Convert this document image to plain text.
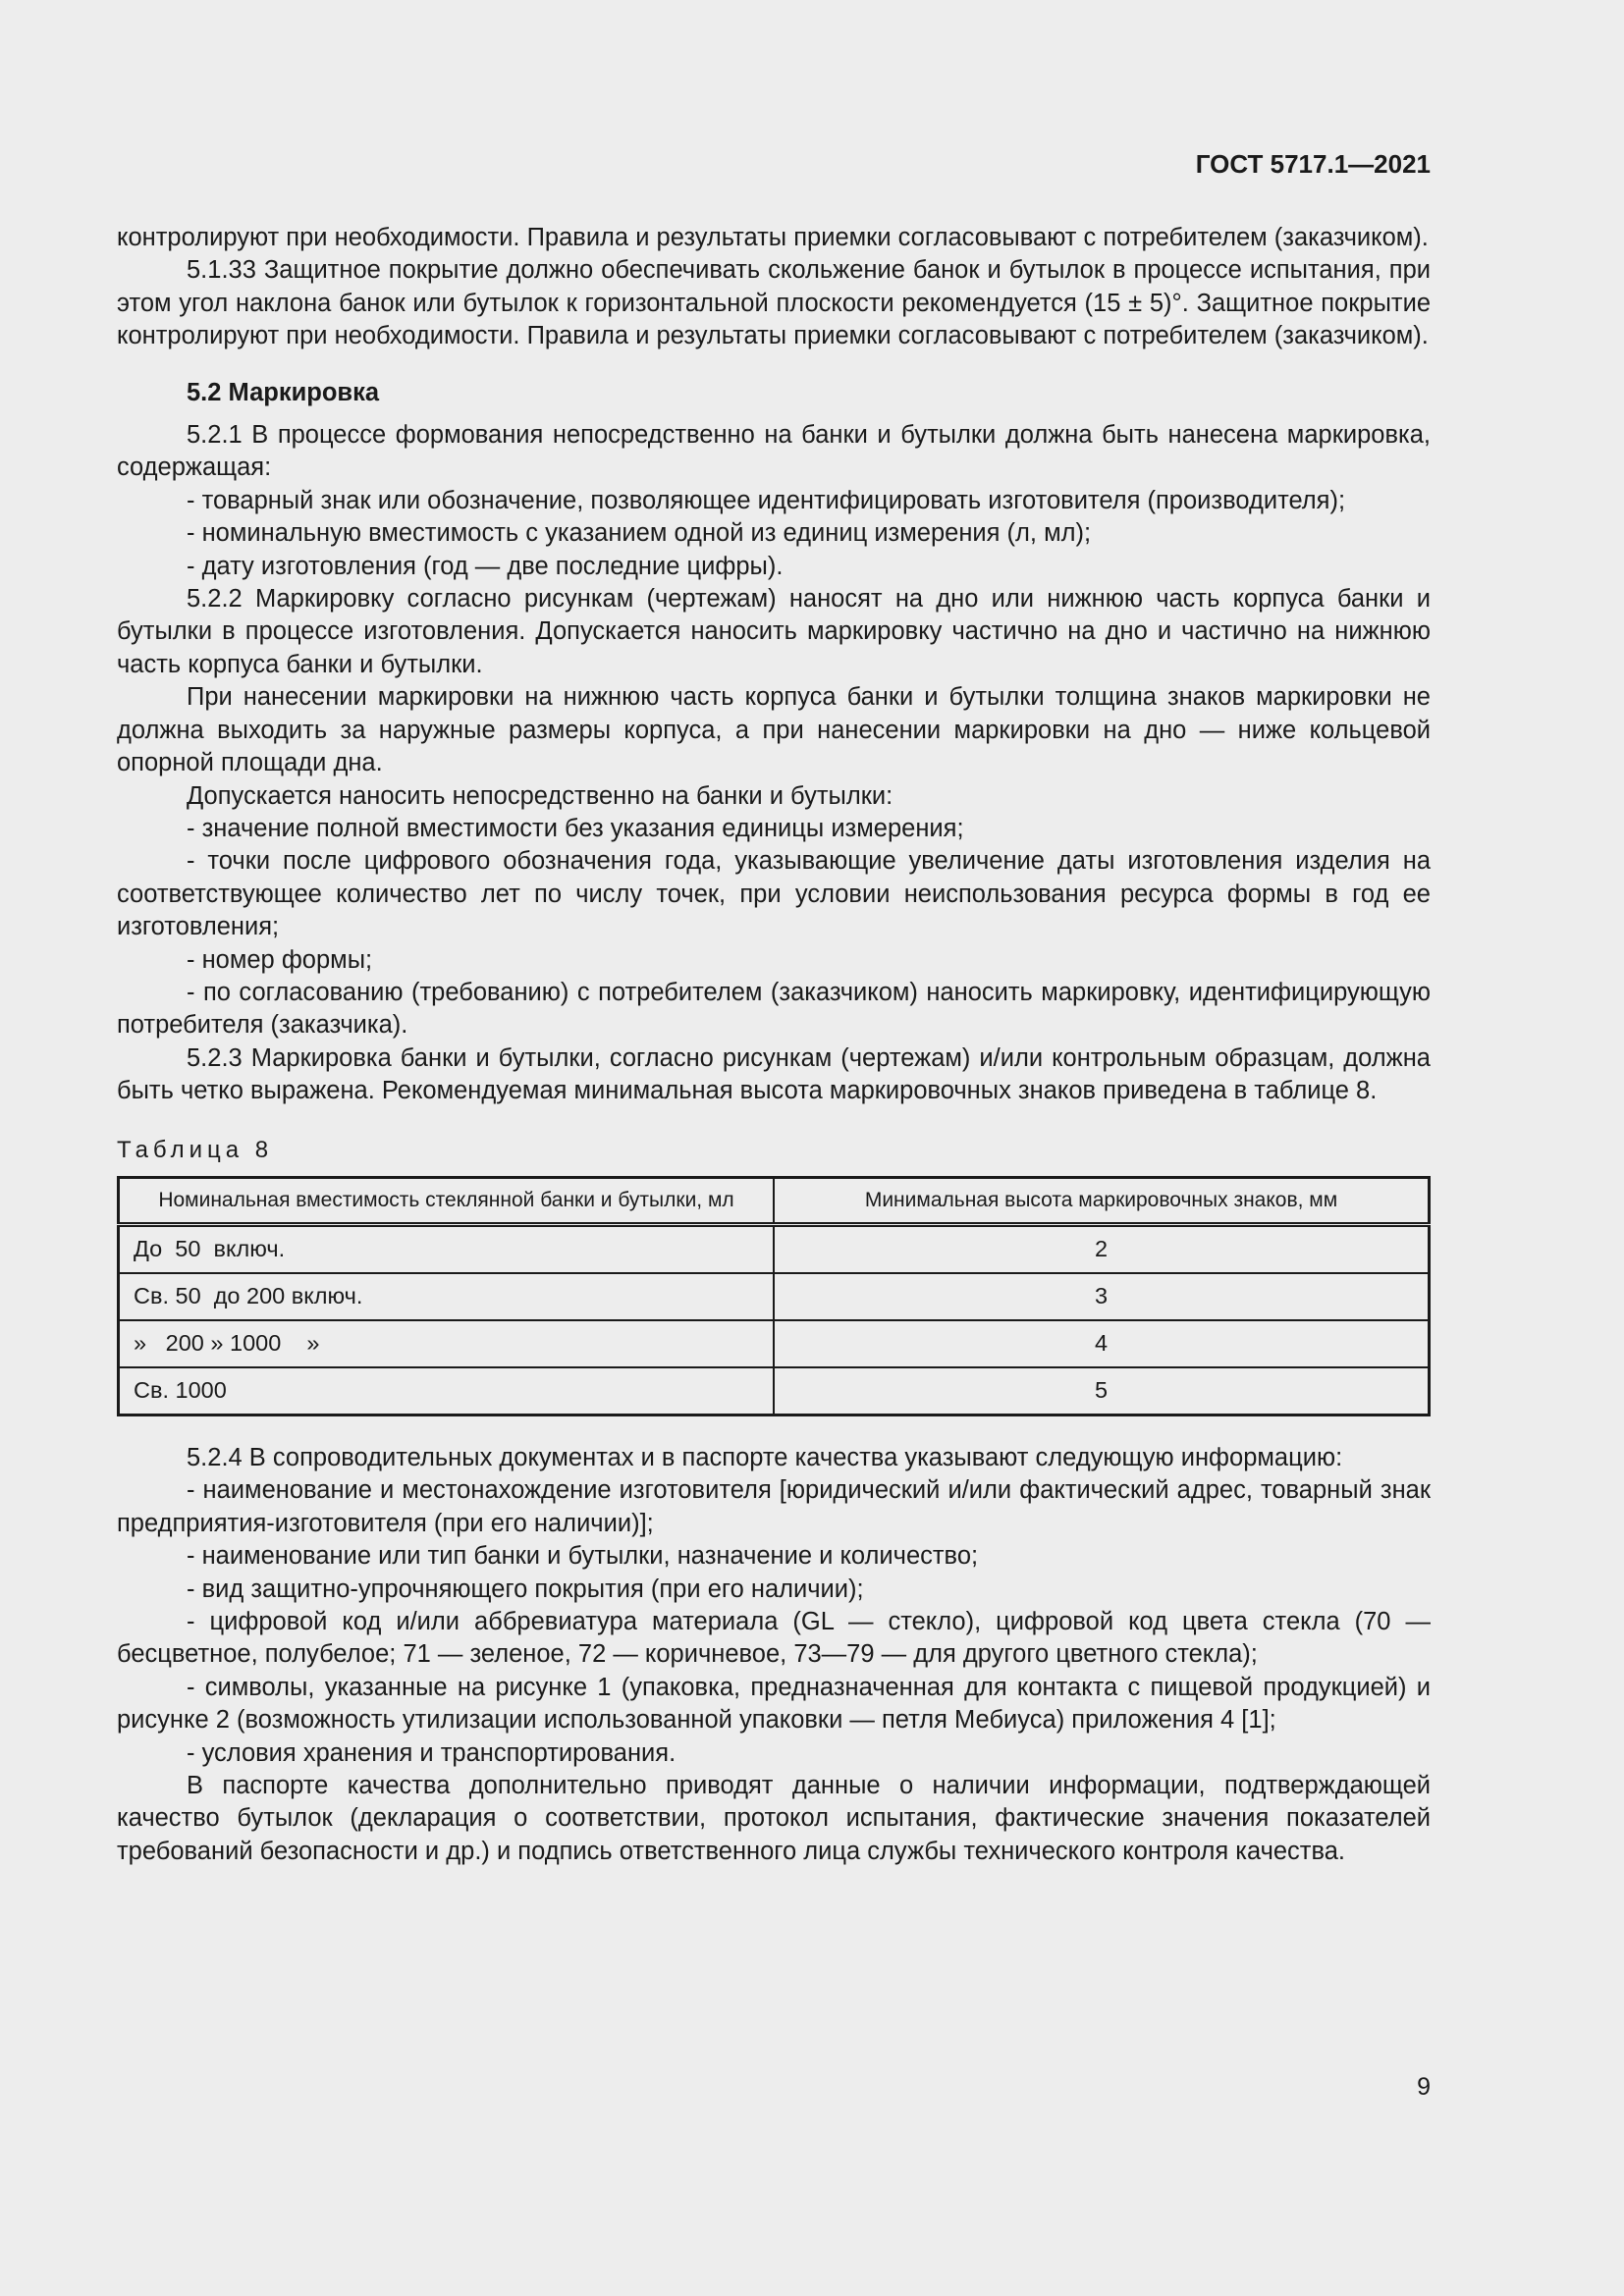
ГОСТ 5717.1—2021

контролируют при необходимости. Правила и результаты приемки согласовывают с потребителем (заказчиком).

5.1.33 Защитное покрытие должно обеспечивать скольжение банок и бутылок в процессе испытания, при этом угол наклона банок или бутылок к горизонтальной плоскости рекомендуется (15 ± 5)°. Защитное покрытие контролируют при необходимости. Правила и результаты приемки согласовывают с потребителем (заказчиком).

5.2 Маркировка

5.2.1 В процессе формования непосредственно на банки и бутылки должна быть нанесена маркировка, содержащая:

- товарный знак или обозначение, позволяющее идентифицировать изготовителя (производителя);

- номинальную вместимость с указанием одной из единиц измерения (л, мл);

- дату изготовления (год — две последние цифры).

5.2.2 Маркировку согласно рисункам (чертежам) наносят на дно или нижнюю часть корпуса банки и бутылки в процессе изготовления. Допускается наносить маркировку частично на дно и частично на нижнюю часть корпуса банки и бутылки.

При нанесении маркировки на нижнюю часть корпуса банки и бутылки толщина знаков маркировки не должна выходить за наружные размеры корпуса, а при нанесении маркировки на дно — ниже кольцевой опорной площади дна.

Допускается наносить непосредственно на банки и бутылки:

- значение полной вместимости без указания единицы измерения;

- точки после цифрового обозначения года, указывающие увеличение даты изготовления изделия на соответствующее количество лет по числу точек, при условии неиспользования ресурса формы в год ее изготовления;

- номер формы;

- по согласованию (требованию) с потребителем (заказчиком) наносить маркировку, идентифицирующую потребителя (заказчика).

5.2.3 Маркировка банки и бутылки, согласно рисункам (чертежам) и/или контрольным образцам, должна быть четко выражена. Рекомендуемая минимальная высота маркировочных знаков приведена в таблице 8.

Таблица 8

Номинальная вместимость стеклянной банки и бутылки, мл	Минимальная высота маркировочных знаков, мм
До  50  включ.	2
Св. 50  до 200 включ.	3
»   200 » 1000    »	4
Св. 1000	5

5.2.4 В сопроводительных документах и в паспорте качества указывают следующую информацию:

- наименование и местонахождение изготовителя [юридический и/или фактический адрес, товарный знак предприятия-изготовителя (при его наличии)];

- наименование или тип банки и бутылки, назначение и количество;

- вид защитно-упрочняющего покрытия (при его наличии);

- цифровой код и/или аббревиатура материала (GL — стекло), цифровой код цвета стекла (70 — бесцветное, полубелое; 71 — зеленое, 72 — коричневое, 73—79 — для другого цветного стекла);

- символы, указанные на рисунке 1 (упаковка, предназначенная для контакта с пищевой продукцией) и рисунке 2 (возможность утилизации использованной упаковки — петля Мебиуса) приложения 4 [1];

- условия хранения и транспортирования.

В паспорте качества дополнительно приводят данные о наличии информации, подтверждающей качество бутылок (декларация о соответствии, протокол испытания, фактические значения показателей требований безопасности и др.) и подпись ответственного лица службы технического контроля качества.

9
